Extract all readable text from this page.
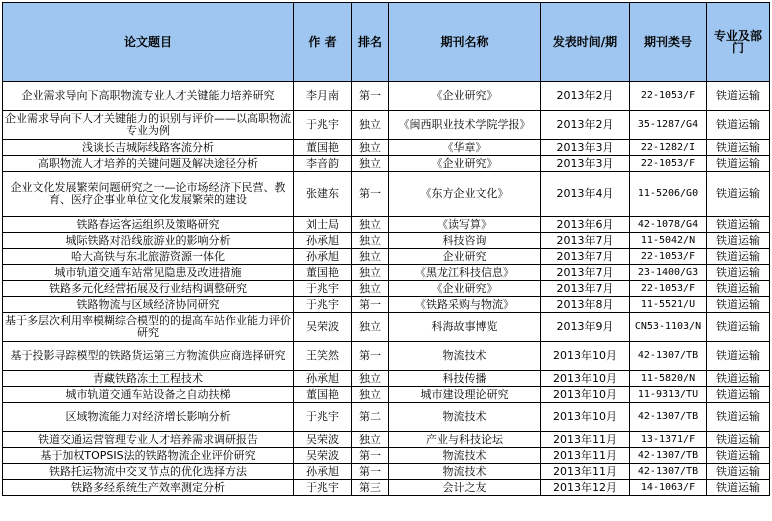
论文题目	作 者	排名	期刊名称	发表时间/期	期刊类号	专业及部门
企业需求导向下高职物流专业人才关键能力培养研究	李月南	第一	《企业研究》	2013年2月	22-1053/F	铁道运输
企业需求导向下人才关键能力的识别与评价——以高职物流专业为例	于兆宇	独立	《闽西职业技术学院学报》	2013年2月	35-1287/G4	铁道运输
浅谈长吉城际线路客流分析	董国艳	独立	《华章》	2013年3月	22-1282/I	铁道运输
高职物流人才培养的关键问题及解决途径分析	李音韵	独立	《企业研究》	2013年3月	22-1053/F	铁道运输
企业文化发展繁荣问题研究之一—论市场经济下民营、教育、医疗企事业单位文化发展繁荣的建设	张建东	第一	《东方企业文化》	2013年4月	11-5206/G0	铁道运输
铁路春运客运组织及策略研究	刘士局	独立	《读写算》	2013年6月	42-1078/G4	铁道运输
城际铁路对沿线旅游业的影响分析	孙承旭	独立	科技咨询	2013年7月	11-5042/N	铁道运输
哈大高铁与东北旅游资源一体化	孙承旭	独立	企业研究	2013年7月	22-1053/F	铁道运输
城市轨道交通车站常见隐患及改进措施	董国艳	独立	《黑龙江科技信息》	2013年7月	23-1400/G3	铁道运输
铁路多元化经营拓展及行业结构调整研究	于兆宇	独立	《企业研究》	2013年7月	22-1053/F	铁道运输
铁路物流与区域经济协同研究	于兆宇	第一	《铁路采购与物流》	2013年8月	11-5521/U	铁道运输
基于多层次利用率模糊综合模型的的提高车站作业能力评价研究	吴荣波	独立	科海故事博览	2013年9月	CN53-1103/N	铁道运输
基于投影寻踪模型的铁路货运第三方物流供应商选择研究	王笑然	第一	物流技术	2013年10月	42-1307/TB	铁道运输
青藏铁路冻土工程技术	孙承旭	独立	科技传播	2013年10月	11-5820/N	铁道运输
城市轨道交通车站设备之自动扶梯	董国艳	独立	城市建设理论研究	2013年10月	11-9313/TU	铁道运输
区域物流能力对经济增长影响分析	于兆宇	第二	物流技术	2013年10月	42-1307/TB	铁道运输
铁道交通运营管理专业人才培养需求调研报告	吴荣波	独立	产业与科技论坛	2013年11月	13-1371/F	铁道运输
基于加权TOPSIS法的铁路物流企业评价研究	吴荣波	第一	物流技术	2013年11月	42-1307/TB	铁道运输
铁路托运物流中交叉节点的优化选择方法	孙承旭	第一	物流技术	2013年11月	42-1307/TB	铁道运输
铁路多经系统生产效率测定分析	于兆宇	第三	会计之友	2013年12月	14-1063/F	铁道运输
